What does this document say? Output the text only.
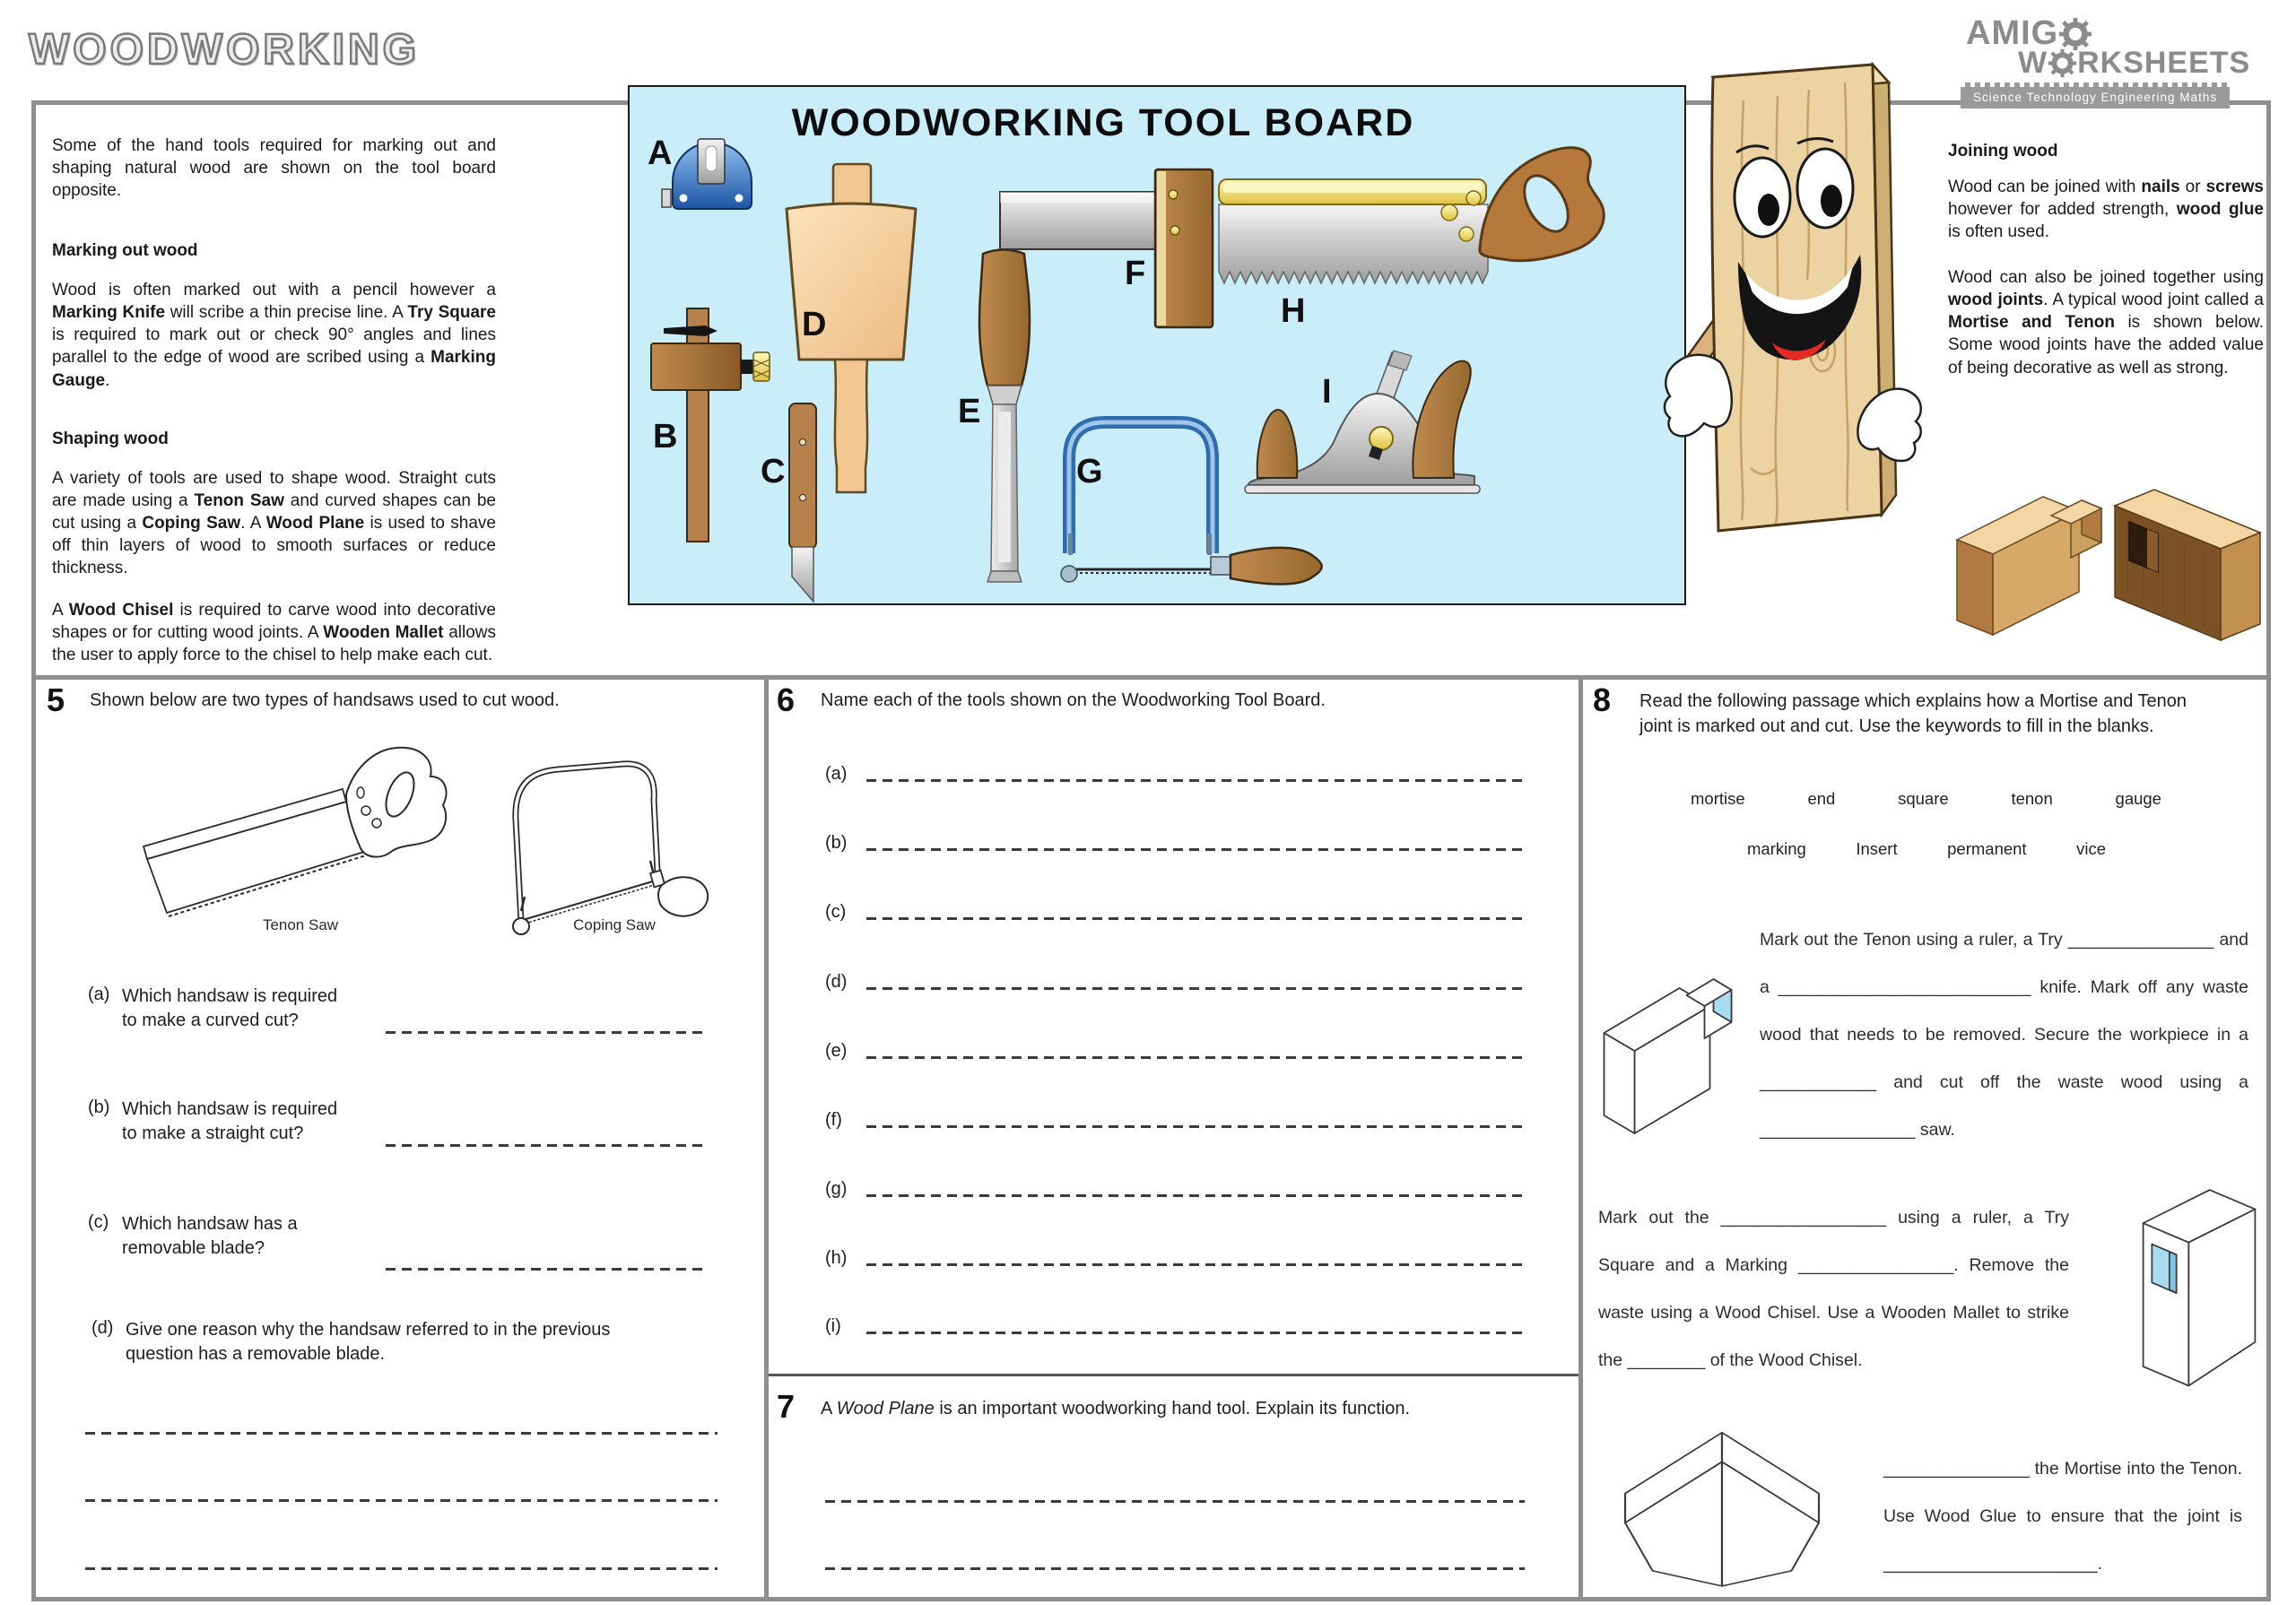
WOODWORKING
Some of the hand tools required for marking out and shaping natural wood are shown on the tool board opposite.
Marking out wood
Wood is often marked out with a pencil however a Marking Knife will scribe a thin precise line. A Try Square is required to mark out or check 90° angles and lines parallel to the edge of wood are scribed using a Marking Gauge.
Shaping wood
A variety of tools are used to shape wood. Straight cuts are made using a Tenon Saw and curved shapes can be cut using a Coping Saw. A Wood Plane is used to shave off thin layers of wood to smooth surfaces or reduce thickness.
A Wood Chisel is required to carve wood into decorative shapes or for cutting wood joints. A Wooden Mallet allows the user to apply force to the chisel to help make each cut.
WOODWORKING TOOL BOARD
A
B
C
D
E
F
G
H
I
AMIG
W RKSHEETS
Science Technology Engineering Maths
Joining wood
Wood can be joined with nails or screws however for added strength, wood glue is often used.
Wood can also be joined together using wood joints. A typical wood joint called a Mortise and Tenon is shown below. Some wood joints have the added value of being decorative as well as strong.
5 Shown below are two types of handsaws used to cut wood.
Tenon Saw	Coping Saw
(a) Which handsaw is required to make a curved cut?
(b) Which handsaw is required to make a straight cut?
(c) Which handsaw has a removable blade?
(d) Give one reason why the handsaw referred to in the previous question has a removable blade.
6 Name each of the tools shown on the Woodworking Tool Board.
(a)
(b)
(c)
(d)
(e)
(f)
(g)
(h)
(i)
7 A Wood Plane is an important woodworking hand tool. Explain its function.
8 Read the following passage which explains how a Mortise and Tenon joint is marked out and cut. Use the keywords to fill in the blanks.
mortise	end	square	tenon	gauge
marking	Insert	permanent	vice
Mark out the Tenon using a ruler, a Try _______________ and a __________________________ knife. Mark off any waste wood that needs to be removed. Secure the workpiece in a ____________ and cut off the waste wood using a ________________ saw.
Mark out the _________________ using a ruler, a Try Square and a Marking ________________. Remove the waste using a Wood Chisel. Use a Wooden Mallet to strike the ________ of the Wood Chisel.
_______________ the Mortise into the Tenon. Use Wood Glue to ensure that the joint is ______________________.
